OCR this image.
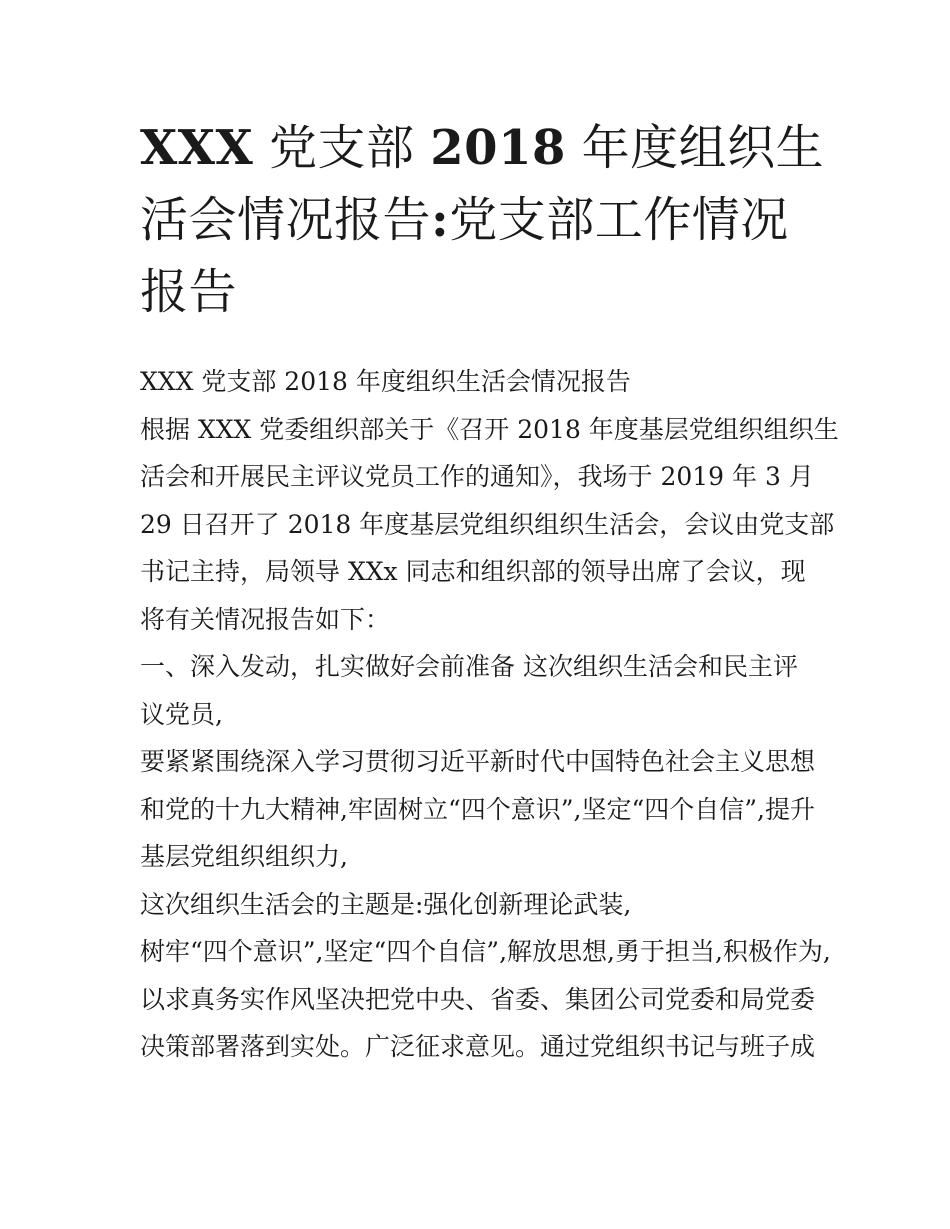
XXX 党支部 2018 年度组织生
活会情况报告:党支部工作情况
报告
XXX 党支部 2018 年度组织生活会情况报告
根据 XXX 党委组织部关于《召开 2018 年度基层党组织组织生
活会和开展民主评议党员工作的通知》，我场于 2019 年 3 月
29 日召开了 2018 年度基层党组织组织生活会，会议由党支部
书记主持，局领导 XXx 同志和组织部的领导出席了会议，现
将有关情况报告如下：
一、深入发动，扎实做好会前准备 这次组织生活会和民主评
议党员,
要紧紧围绕深入学习贯彻习近平新时代中国特色社会主义思想
和党的十九大精神,牢固树立“四个意识”,坚定“四个自信”,提升
基层党组织组织力,
这次组织生活会的主题是:强化创新理论武装,
树牢“四个意识”,坚定“四个自信”,解放思想,勇于担当,积极作为,
以求真务实作风坚决把党中央、省委、集团公司党委和局党委
决策部署落到实处。广泛征求意见。通过党组织书记与班子成
